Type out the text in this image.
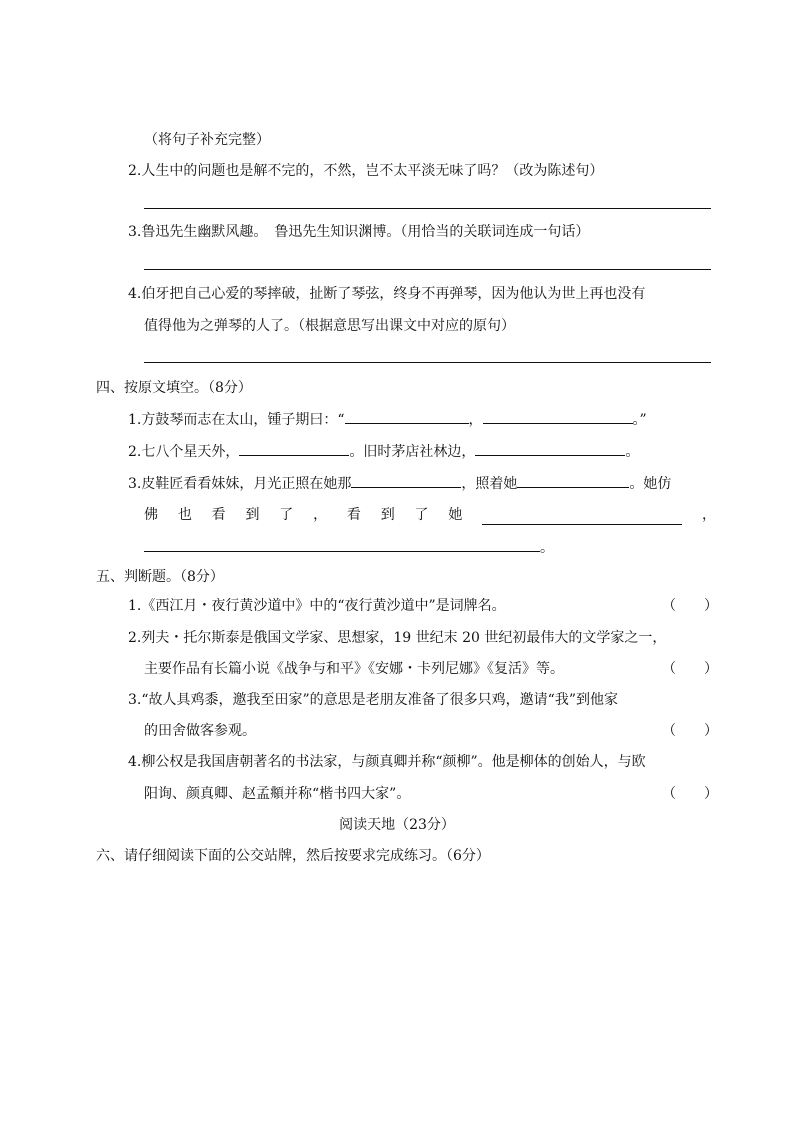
（将句子补充完整）
2.人生中的问题也是解不完的，不然，岂不太平淡无味了吗？（改为陈述句）
3.鲁迅先生幽默风趣。　鲁迅先生知识渊博。（用恰当的关联词连成一句话）
4.伯牙把自己心爱的琴摔破，扯断了琴弦，终身不再弹琴，因为他认为世上再也没有
值得他为之弹琴的人了。（根据意思写出课文中对应的原句）
四、按原文填空。（8分）
1.方鼓琴而志在太山，锺子期曰：“	，	。”
2.七八个星天外，	。旧时茅店社林边，	。
3.皮鞋匠看看妹妹，月光正照在她那	，照着她	。她仿
佛 也 看 到 了 ， 看 到 了 她	，
。
五、判断题。（8分）
1.《西江月・夜行黄沙道中》中的“夜行黄沙道中”是词牌名。	（　　）
2.列夫・托尔斯泰是俄国文学家、思想家，19 世纪末 20 世纪初最伟大的文学家之一，
主要作品有长篇小说《战争与和平》《安娜・卡列尼娜》《复活》等。	（　　）
3.“故人具鸡黍，邀我至田家”的意思是老朋友准备了很多只鸡，邀请“我”到他家
的田舍做客参观。	（　　）
4.柳公权是我国唐朝著名的书法家，与颜真卿并称“颜柳”。他是柳体的创始人，与欧
阳询、颜真卿、赵孟頫并称“楷书四大家”。	（　　）
阅读天地（23分）
六、请仔细阅读下面的公交站牌，然后按要求完成练习。（6分）
